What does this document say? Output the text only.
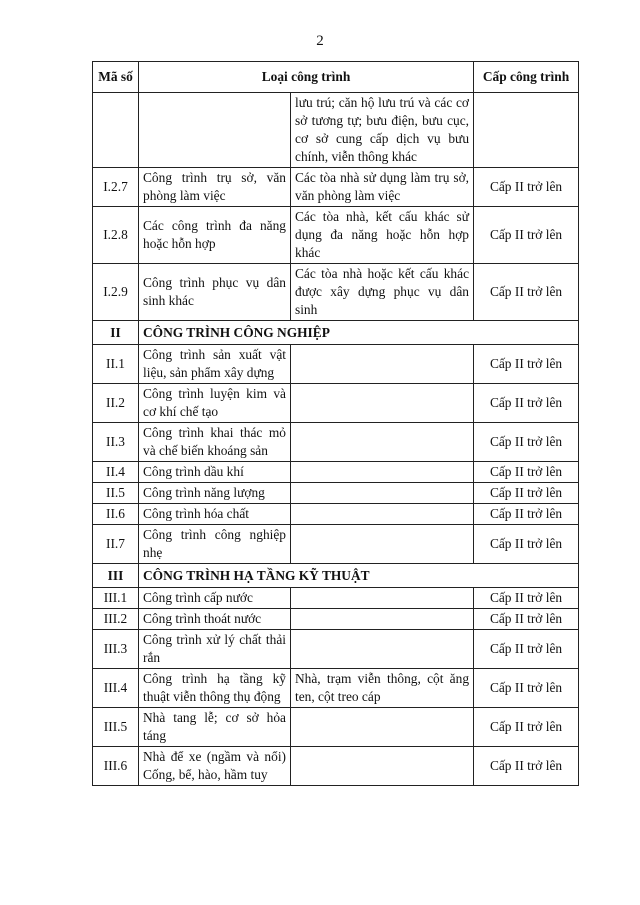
2
Mã số	Loại công trình		Cấp công trình
		lưu trú; căn hộ lưu trú và các cơ sở tương tự; bưu điện, bưu cục, cơ sở cung cấp dịch vụ bưu chính, viễn thông khác	
I.2.7	Công trình trụ sở, văn phòng làm việc	Các tòa nhà sử dụng làm trụ sở, văn phòng làm việc	Cấp II trở lên
I.2.8	Các công trình đa năng hoặc hỗn hợp	Các tòa nhà, kết cấu khác sử dụng đa năng hoặc hỗn hợp khác	Cấp II trở lên
I.2.9	Công trình phục vụ dân sinh khác	Các tòa nhà hoặc kết cấu khác được xây dựng phục vụ dân sinh	Cấp II trở lên
II	CÔNG TRÌNH CÔNG NGHIỆP		
II.1	Công trình sản xuất vật liệu, sản phẩm xây dựng		Cấp II trở lên
II.2	Công trình luyện kim và cơ khí chế tạo		Cấp II trở lên
II.3	Công trình khai thác mỏ và chế biến khoáng sản		Cấp II trở lên
II.4	Công trình dầu khí		Cấp II trở lên
II.5	Công trình năng lượng		Cấp II trở lên
II.6	Công trình hóa chất		Cấp II trở lên
II.7	Công trình công nghiệp nhẹ		Cấp II trở lên
III	CÔNG TRÌNH HẠ TẦNG KỸ THUẬT		
III.1	Công trình cấp nước		Cấp II trở lên
III.2	Công trình thoát nước		Cấp II trở lên
III.3	Công trình xử lý chất thải rắn		Cấp II trở lên
III.4	Công trình hạ tầng kỹ thuật viễn thông thụ động	Nhà, trạm viễn thông, cột ăng ten, cột treo cáp	Cấp II trở lên
III.5	Nhà tang lễ; cơ sở hỏa táng		Cấp II trở lên
III.6	Nhà để xe (ngầm và nổi) Cống, bể, hào, hầm tuy		Cấp II trở lên
